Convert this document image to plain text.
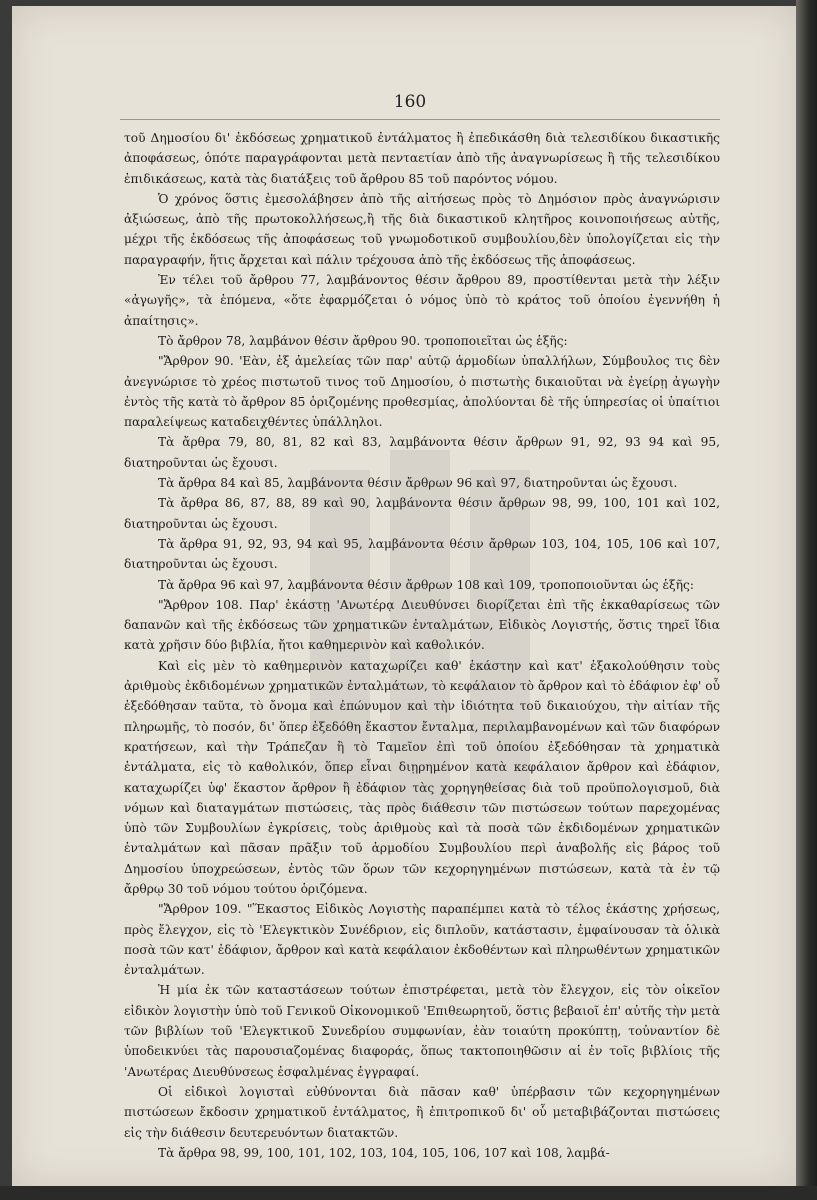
160

τοῦ Δημοσίου δι' ἐκδόσεως χρηματικοῦ ἐντάλματος ἢ ἐπεδικάσθη διὰ τελεσιδίκου δικαστικῆς ἀποφάσεως, ὁπότε παραγράφονται μετὰ πενταετίαν ἀπὸ τῆς ἀναγνωρίσεως ἢ τῆς τελεσιδίκου ἐπιδικάσεως, κατὰ τὰς διατάξεις τοῦ ἄρθρου 85 τοῦ παρόντος νόμου.

Ὁ χρόνος ὅστις ἐμεσολάβησεν ἀπὸ τῆς αἰτήσεως πρὸς τὸ Δημόσιον πρὸς ἀναγνώρισιν ἀξιώσεως, ἀπὸ τῆς πρωτοκολλήσεως,ἢ τῆς διὰ δικαστικοῦ κλητῆρος κοινοποιήσεως αὐτῆς, μέχρι τῆς ἐκδόσεως τῆς ἀποφάσεως τοῦ γνωμοδοτικοῦ συμβουλίου,δὲν ὑπολογίζεται εἰς τὴν παραγραφήν, ἥτις ἄρχεται καὶ πάλιν τρέχουσα ἀπὸ τῆς ἐκδόσεως τῆς ἀποφάσεως.

Ἐν τέλει τοῦ ἄρθρου 77, λαμβάνοντος θέσιν ἄρθρου 89, προστίθενται μετὰ τὴν λέξιν «ἀγωγῆς», τὰ ἑπόμενα, «ὅτε ἐφαρμόζεται ὁ νόμος ὑπὸ τὸ κράτος τοῦ ὁποίου ἐγεννήθη ἡ ἀπαίτησις».

Τὸ ἄρθρον 78, λαμβάνον θέσιν ἄρθρου 90. τροποποιεῖται ὡς ἑξῆς:

"Ἄρθρον 90. 'Εὰν, ἐξ ἀμελείας τῶν παρ' αὐτῷ ἁρμοδίων ὑπαλλήλων, Σύμβουλος τις δὲν ἀνεγνώρισε τὸ χρέος πιστωτοῦ τινος τοῦ Δημοσίου, ὁ πιστωτὴς δικαιοῦται νὰ ἐγείρῃ ἀγωγὴν ἐντὸς τῆς κατὰ τὸ ἄρθρον 85 ὁριζομένης προθεσμίας, ἀπολύονται δὲ τῆς ὑπηρεσίας οἱ ὑπαίτιοι παραλείψεως καταδειχθέντες ὑπάλληλοι.

Τὰ ἄρθρα 79, 80, 81, 82 καὶ 83, λαμβάνοντα θέσιν ἄρθρων 91, 92, 93 94 καὶ 95, διατηροῦνται ὡς ἔχουσι.

Τὰ ἄρθρα 84 καὶ 85, λαμβάνοντα θέσιν ἄρθρων 96 καὶ 97, διατηροῦνται ὡς ἔχουσι.

Τὰ ἄρθρα 86, 87, 88, 89 καὶ 90, λαμβάνοντα θέσιν ἄρθρων 98, 99, 100, 101 καὶ 102, διατηροῦνται ὡς ἔχουσι.

Τὰ ἄρθρα 91, 92, 93, 94 καὶ 95, λαμβάνοντα θέσιν ἄρθρων 103, 104, 105, 106 καὶ 107, διατηροῦνται ὡς ἔχουσι.

Τὰ ἄρθρα 96 καὶ 97, λαμβάνοντα θέσιν ἄρθρων 108 καὶ 109, τροποποιοῦνται ὡς ἑξῆς:

"Ἄρθρον 108. Παρ' ἑκάστῃ 'Ανωτέρᾳ Διευθύνσει διορίζεται ἐπὶ τῆς ἐκκαθαρίσεως τῶν δαπανῶν καὶ τῆς ἐκδόσεως τῶν χρηματικῶν ἐνταλμάτων, Εἰδικὸς Λογιστής, ὅστις τηρεῖ ἴδια κατὰ χρῆσιν δύο βιβλία, ἤτοι καθημερινὸν καὶ καθολικόν.

Καὶ εἰς μὲν τὸ καθημερινὸν καταχωρίζει καθ' ἑκάστην καὶ κατ' ἐξακολούθησιν τοὺς ἀριθμοὺς ἐκδιδομένων χρηματικῶν ἐνταλμάτων, τὸ κεφάλαιον τὸ ἄρθρον καὶ τὸ ἐδάφιον ἐφ' οὗ ἐξεδόθησαν ταῦτα, τὸ ὄνομα καὶ ἐπώνυμον καὶ τὴν ἰδιότητα τοῦ δικαιούχου, τὴν αἰτίαν τῆς πληρωμῆς, τὸ ποσόν, δι' ὅπερ ἐξεδόθη ἕκαστον ἔνταλμα, περιλαμβανομένων καὶ τῶν διαφόρων κρατήσεων, καὶ τὴν Τράπεζαν ἢ τὸ Ταμεῖον ἐπὶ τοῦ ὁποίου ἐξεδόθησαν τὰ χρηματικὰ ἐντάλματα, εἰς τὸ καθολικόν, ὅπερ εἶναι διῃρημένον κατὰ κεφάλαιον ἄρθρον καὶ ἐδάφιον, καταχωρίζει ὑφ' ἕκαστον ἄρθρον ἢ ἐδάφιον τὰς χορηγηθείσας διὰ τοῦ προϋπολογισμοῦ, διὰ νόμων καὶ διαταγμάτων πιστώσεις, τὰς πρὸς διάθεσιν τῶν πιστώσεων τούτων παρεχομένας ὑπὸ τῶν Συμβουλίων ἐγκρίσεις, τοὺς ἀριθμοὺς καὶ τὰ ποσὰ τῶν ἐκδιδομένων χρηματικῶν ἐνταλμάτων καὶ πᾶσαν πρᾶξιν τοῦ ἁρμοδίου Συμβουλίου περὶ ἀναβολῆς εἰς βάρος τοῦ Δημοσίου ὑποχρεώσεων, ἐντὸς τῶν ὅρων τῶν κεχορηγημένων πιστώσεων, κατὰ τὰ ἐν τῷ ἄρθρῳ 30 τοῦ νόμου τούτου ὁριζόμενα.

"Ἄρθρον 109. "Ἕκαστος Εἰδικὸς Λογιστὴς παραπέμπει κατὰ τὸ τέλος ἑκάστης χρήσεως, πρὸς ἔλεγχον, εἰς τὸ 'Ελεγκτικὸν Συνέδριον, εἰς διπλοῦν, κατάστασιν, ἐμφαίνουσαν τὰ ὁλικὰ ποσὰ τῶν κατ' ἐδάφιον, ἄρθρον καὶ κατὰ κεφάλαιον ἐκδοθέντων καὶ πληρωθέντων χρηματικῶν ἐνταλμάτων.

Ἡ μία ἐκ τῶν καταστάσεων τούτων ἐπιστρέφεται, μετὰ τὸν ἔλεγχον, εἰς τὸν οἰκεῖον εἰδικὸν λογιστὴν ὑπὸ τοῦ Γενικοῦ Οἰκονομικοῦ 'Επιθεωρητοῦ, ὅστις βεβαιοῖ ἐπ' αὐτῆς τὴν μετὰ τῶν βιβλίων τοῦ 'Ελεγκτικοῦ Συνεδρίου συμφωνίαν, ἐὰν τοιαύτη προκύπτῃ, τοὐναντίον δὲ ὑποδεικνύει τὰς παρουσιαζομένας διαφοράς, ὅπως τακτοποιηθῶσιν αἱ ἐν τοῖς βιβλίοις τῆς 'Ανωτέρας Διευθύνσεως ἐσφαλμένας ἐγγραφαί.

Οἱ εἰδικοὶ λογισταὶ εὐθύνονται διὰ πᾶσαν καθ' ὑπέρβασιν τῶν κεχορηγημένων πιστώσεων ἔκδοσιν χρηματικοῦ ἐντάλματος, ἢ ἐπιτροπικοῦ δι' οὗ μεταβιβάζονται πιστώσεις εἰς τὴν διάθεσιν δευτερευόντων διατακτῶν.

Τὰ ἄρθρα 98, 99, 100, 101, 102, 103, 104, 105, 106, 107 καὶ 108, λαμβά-
